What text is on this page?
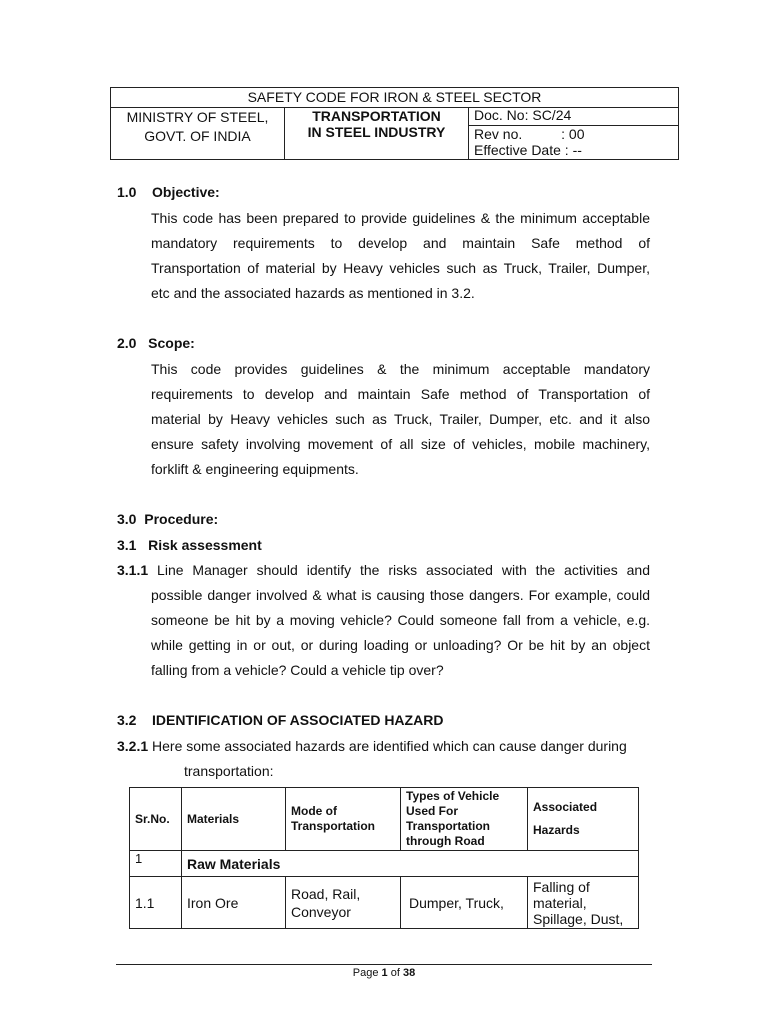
SAFETY CODE FOR IRON & STEEL SECTOR
MINISTRY OF STEEL,
GOVT. OF INDIA
TRANSPORTATION
IN STEEL INDUSTRY
Doc. No: SC/24
Rev no.          : 00
Effective Date : --
1.0 Objective:
This code has been prepared to provide guidelines & the minimum acceptable
mandatory requirements to develop and maintain Safe method of
Transportation of material by Heavy vehicles such as Truck, Trailer, Dumper,
etc and the associated hazards as mentioned in 3.2.
2.0 Scope:
This code provides guidelines & the minimum acceptable mandatory
requirements to develop and maintain Safe method of Transportation of
material by Heavy vehicles such as Truck, Trailer, Dumper, etc. and it also
ensure safety involving movement of all size of vehicles, mobile machinery,
forklift & engineering equipments.
3.0 Procedure:
3.1 Risk assessment
3.1.1 Line Manager should identify the risks associated with the activities and
possible danger involved & what is causing those dangers. For example, could
someone be hit by a moving vehicle? Could someone fall from a vehicle, e.g.
while getting in or out, or during loading or unloading? Or be hit by an object
falling from a vehicle? Could a vehicle tip over?
3.2 IDENTIFICATION OF ASSOCIATED HAZARD
3.2.1 Here some associated hazards are identified which can cause danger during
transportation:
Sr.No.	Materials	Mode of Transportation	Types of Vehicle Used For Transportation through Road	Associated Hazards
1	Raw Materials			
1.1	Iron Ore	Road, Rail, Conveyor	Dumper, Truck,	Falling of material, Spillage, Dust,
Page 1 of 38
